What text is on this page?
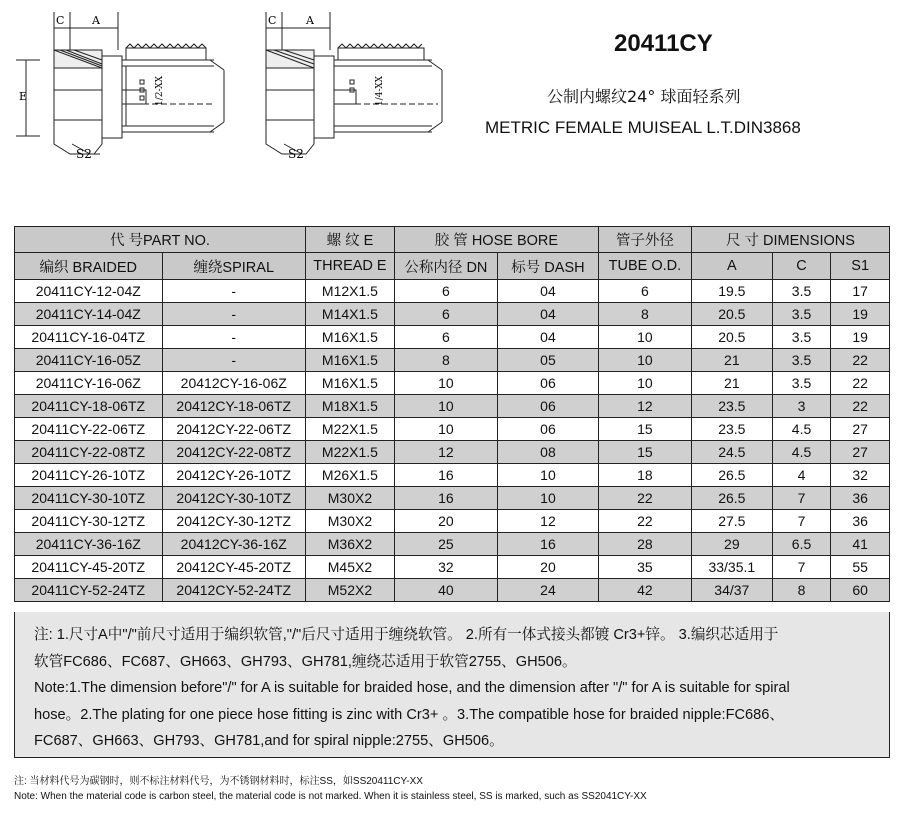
C	A
E
S2
1/2-XX
C	A
S2
1/4-XX
20411CY
公制内螺纹24° 球面轻系列
METRIC FEMALE MUISEAL L.T.DIN3868
代 号PART NO.		螺 纹 E	胶 管 HOSE BORE		管子外径	尺 寸 DIMENSIONS		
编织 BRAIDED	缠绕SPIRAL	THREAD E	公称内径 DN	标号 DASH	TUBE O.D.	A	C	S1
20411CY-12-04Z	-	M12X1.5	6	04	6	19.5	3.5	17
20411CY-14-04Z	-	M14X1.5	6	04	8	20.5	3.5	19
20411CY-16-04TZ	-	M16X1.5	6	04	10	20.5	3.5	19
20411CY-16-05Z	-	M16X1.5	8	05	10	21	3.5	22
20411CY-16-06Z	20412CY-16-06Z	M16X1.5	10	06	10	21	3.5	22
20411CY-18-06TZ	20412CY-18-06TZ	M18X1.5	10	06	12	23.5	3	22
20411CY-22-06TZ	20412CY-22-06TZ	M22X1.5	10	06	15	23.5	4.5	27
20411CY-22-08TZ	20412CY-22-08TZ	M22X1.5	12	08	15	24.5	4.5	27
20411CY-26-10TZ	20412CY-26-10TZ	M26X1.5	16	10	18	26.5	4	32
20411CY-30-10TZ	20412CY-30-10TZ	M30X2	16	10	22	26.5	7	36
20411CY-30-12TZ	20412CY-30-12TZ	M30X2	20	12	22	27.5	7	36
20411CY-36-16Z	20412CY-36-16Z	M36X2	25	16	28	29	6.5	41
20411CY-45-20TZ	20412CY-45-20TZ	M45X2	32	20	35	33/35.1	7	55
20411CY-52-24TZ	20412CY-52-24TZ	M52X2	40	24	42	34/37	8	60

注: 1.尺寸A中"/"前尺寸适用于编织软管,"/"后尺寸适用于缠绕软管。 2.所有一体式接头都镀 Cr3+锌。 3.编织芯适用于

软管FC686、FC687、GH663、GH793、GH781,缠绕芯适用于软管2755、GH506。

Note:1.The dimension before"/" for A is suitable for braided hose, and the dimension after "/" for A is suitable for spiral

hose。2.The plating for one piece hose fitting is zinc with Cr3+ 。3.The compatible hose for braided nipple:FC686、

FC687、GH663、GH793、GH781,and for spiral nipple:2755、GH506。

注: 当材料代号为碳钢时，则不标注材料代号，为不锈钢材料时，标注SS，如SS20411CY-XX

Note: When the material code is carbon steel, the material code is not marked. When it is stainless steel, SS is marked, such as SS2041CY-XX
